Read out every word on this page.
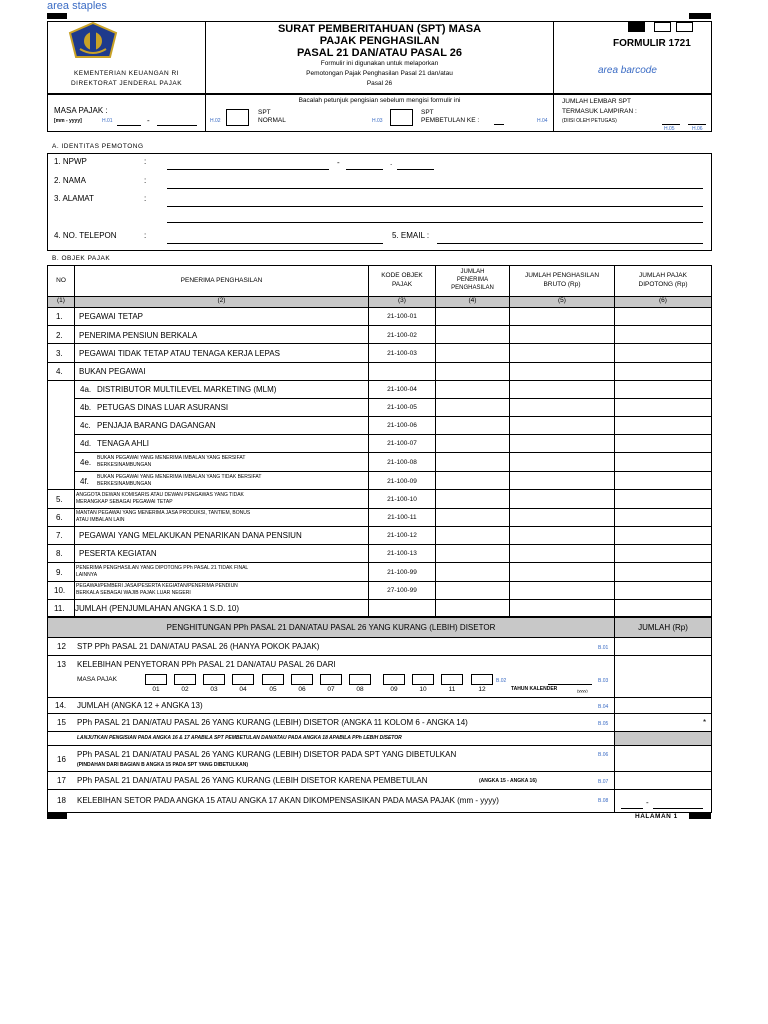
area staples
KEMENTERIAN KEUANGAN RI
DIREKTORAT JENDERAL PAJAK
SURAT PEMBERITAHUAN (SPT) MASA
PAJAK PENGHASILAN
PASAL 21 DAN/ATAU PASAL 26
Formulir ini digunakan untuk melaporkan
Pemotongan Pajak Penghasilan Pasal 21 dan/atau
Pasal 26
FORMULIR 1721
area barcode
MASA PAJAK :
[mm - yyyy]	H.01	-
Bacalah petunjuk pengisian sebelum mengisi formulir ini
H.02
SPT
NORMAL	H.03
SPT
PEMBETULAN KE :	H.04
JUMLAH LEMBAR SPT
TERMASUK LAMPIRAN :
(DIISI OLEH PETUGAS)
H.05	H.06
A. IDENTITAS PEMOTONG
1. NPWP	:	-	.
2. NAMA	:
3. ALAMAT	:
4. NO. TELEPON	:	5. EMAIL :
B. OBJEK PAJAK
NO	PENERIMA PENGHASILAN
KODE OBJEK
PAJAK
JUMLAH
PENERIMA
PENGHASILAN
JUMLAH PENGHASILAN
BRUTO (Rp)
JUMLAH PAJAK
DIPOTONG (Rp)
(1)	(2)	(3)	(4)	(5)	(6)
1. PEGAWAI TETAP	21-100-01
2. PENERIMA PENSIUN BERKALA	21-100-02
3. PEGAWAI TIDAK TETAP ATAU TENAGA KERJA LEPAS	21-100-03
4. BUKAN PEGAWAI
4a. DISTRIBUTOR MULTILEVEL MARKETING (MLM)	21-100-04
4b. PETUGAS DINAS LUAR ASURANSI	21-100-05
4c. PENJAJA BARANG DAGANGAN	21-100-06
4d. TENAGA AHLI	21-100-07
4e. BUKAN PEGAWAI YANG MENERIMA IMBALAN YANG BERSIFAT
BERKESINAMBUNGAN	21-100-08
4f. BUKAN PEGAWAI YANG MENERIMA IMBALAN YANG TIDAK BERSIFAT
BERKESINAMBUNGAN	21-100-09
5.	ANGGOTA DEWAN KOMISARIS ATAU DEWAN PENGAWAS YANG TIDAK
MERANGKAP SEBAGAI PEGAWAI TETAP	21-100-10
6.	MANTAN PEGAWAI YANG MENERIMA JASA PRODUKSI, TANTIEM, BONUS
ATAU IMBALAN LAIN	21-100-11
7. PEGAWAI YANG MELAKUKAN PENARIKAN DANA PENSIUN	21-100-12
8. PESERTA KEGIATAN	21-100-13
9.	PENERIMA PENGHASILAN YANG DIPOTONG PPh PASAL 21 TIDAK FINAL
LAINNYA	21-100-99
10. PEGAWAI/PEMBERI JASA/PESERTA KEGIATAN/PENERIMA PENDIUN
BERKALA SEBAGAI WAJIB PAJAK LUAR NEGERI	27-100-99
11. JUMLAH (PENJUMLAHAN ANGKA 1 S.D. 10)
PENGHITUNGAN PPh PASAL 21 DAN/ATAU PASAL 26 YANG KURANG (LEBIH) DISETOR	JUMLAH (Rp)
12 STP PPh PASAL 21 DAN/ATAU PASAL 26 (HANYA POKOK PAJAK)	B.01
13 KELEBIHAN PENYETORAN PPh PASAL 21 DAN/ATAU PASAL 26 DARI
MASA PAJAK
01	02	03	04	05	06	07	08	09	10	11	12
B.02
TAHUN KALENDER	(yyyy)
B.03
14. JUMLAH (ANGKA 12 + ANGKA 13)	B.04
15 PPh PASAL 21 DAN/ATAU PASAL 26 YANG KURANG (LEBIH) DISETOR (ANGKA 11 KOLOM 6 - ANGKA 14)	B.05	*
LANJUTKAN PENGISIAN PADA ANGKA 16 & 17 APABILA SPT PEMBETULAN DAN/ATAU PADA ANGKA 18 APABILA PPh LEBIH DISETOR
16
PPh PASAL 21 DAN/ATAU PASAL 26 YANG KURANG (LEBIH) DISETOR PADA SPT YANG DIBETULKAN
(PINDAHAN DARI BAGIAN B ANGKA 15 PADA SPT YANG DIBETULKAN)
B.06
17 PPh PASAL 21 DAN/ATAU PASAL 26 YANG KURANG (LEBIH DISETOR KARENA PEMBETULAN	(ANGKA 15 - ANGKA 16)	B.07
18 KELEBIHAN SETOR PADA ANGKA 15 ATAU ANGKA 17 AKAN DIKOMPENSASIKAN PADA MASA PAJAK (mm - yyyy)	B.08	-
HALAMAN 1
